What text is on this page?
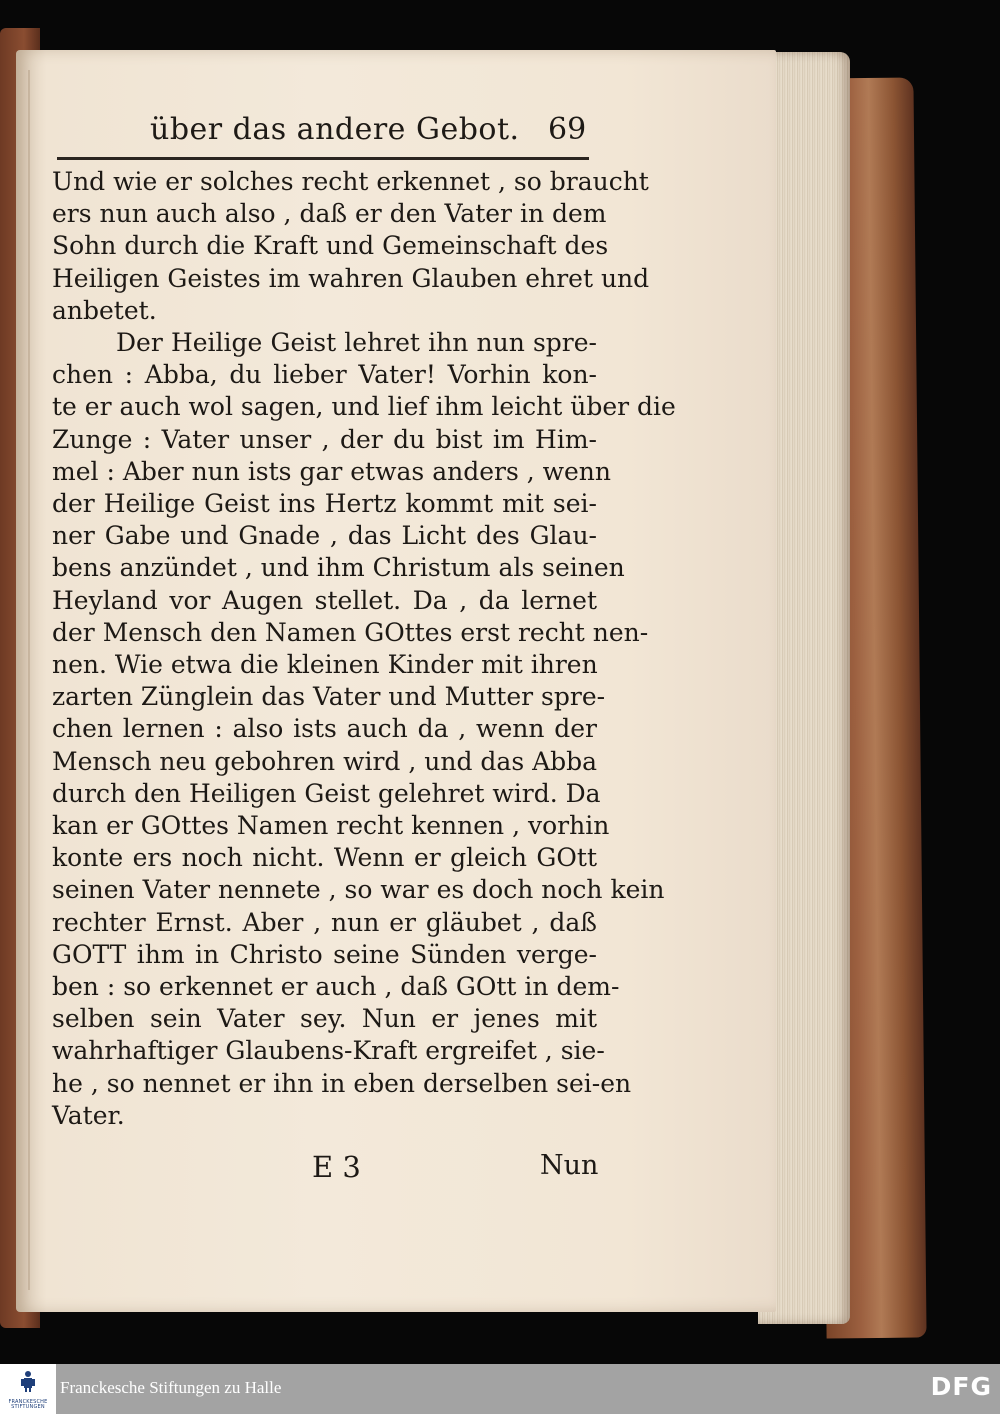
über das andere Gebot. 69
Und wie er solches recht erkennet , so braucht
ers nun auch also , daß er den Vater in dem
Sohn durch die Kraft und Gemeinschaft des
Heiligen Geistes im wahren Glauben ehret und
anbetet.
Der Heilige Geist lehret ihn nun spre-
chen : Abba, du lieber Vater! Vorhin kon-
te er auch wol sagen, und lief ihm leicht über die
Zunge : Vater unser , der du bist im Him-
mel : Aber nun ists gar etwas anders , wenn
der Heilige Geist ins Hertz kommt mit sei-
ner Gabe und Gnade , das Licht des Glau-
bens anzündet , und ihm Christum als seinen
Heyland vor Augen stellet. Da , da lernet
der Mensch den Namen GOttes erst recht nen-
nen. Wie etwa die kleinen Kinder mit ihren
zarten Zünglein das Vater und Mutter spre-
chen lernen : also ists auch da , wenn der
Mensch neu gebohren wird , und das Abba
durch den Heiligen Geist gelehret wird. Da
kan er GOttes Namen recht kennen , vorhin
konte ers noch nicht. Wenn er gleich GOtt
seinen Vater nennete , so war es doch noch kein
rechter Ernst. Aber , nun er gläubet , daß
GOTT ihm in Christo seine Sünden verge-
ben : so erkennet er auch , daß GOtt in dem-
selben sein Vater sey. Nun er jenes mit
wahrhaftiger Glaubens-Kraft ergreifet , sie-
he , so nennet er ihn in eben derselben sei-en
Vater.
E 3	Nun
FRANCKESCHE
STIFTUNGEN
Franckesche Stiftungen zu Halle	DFG
